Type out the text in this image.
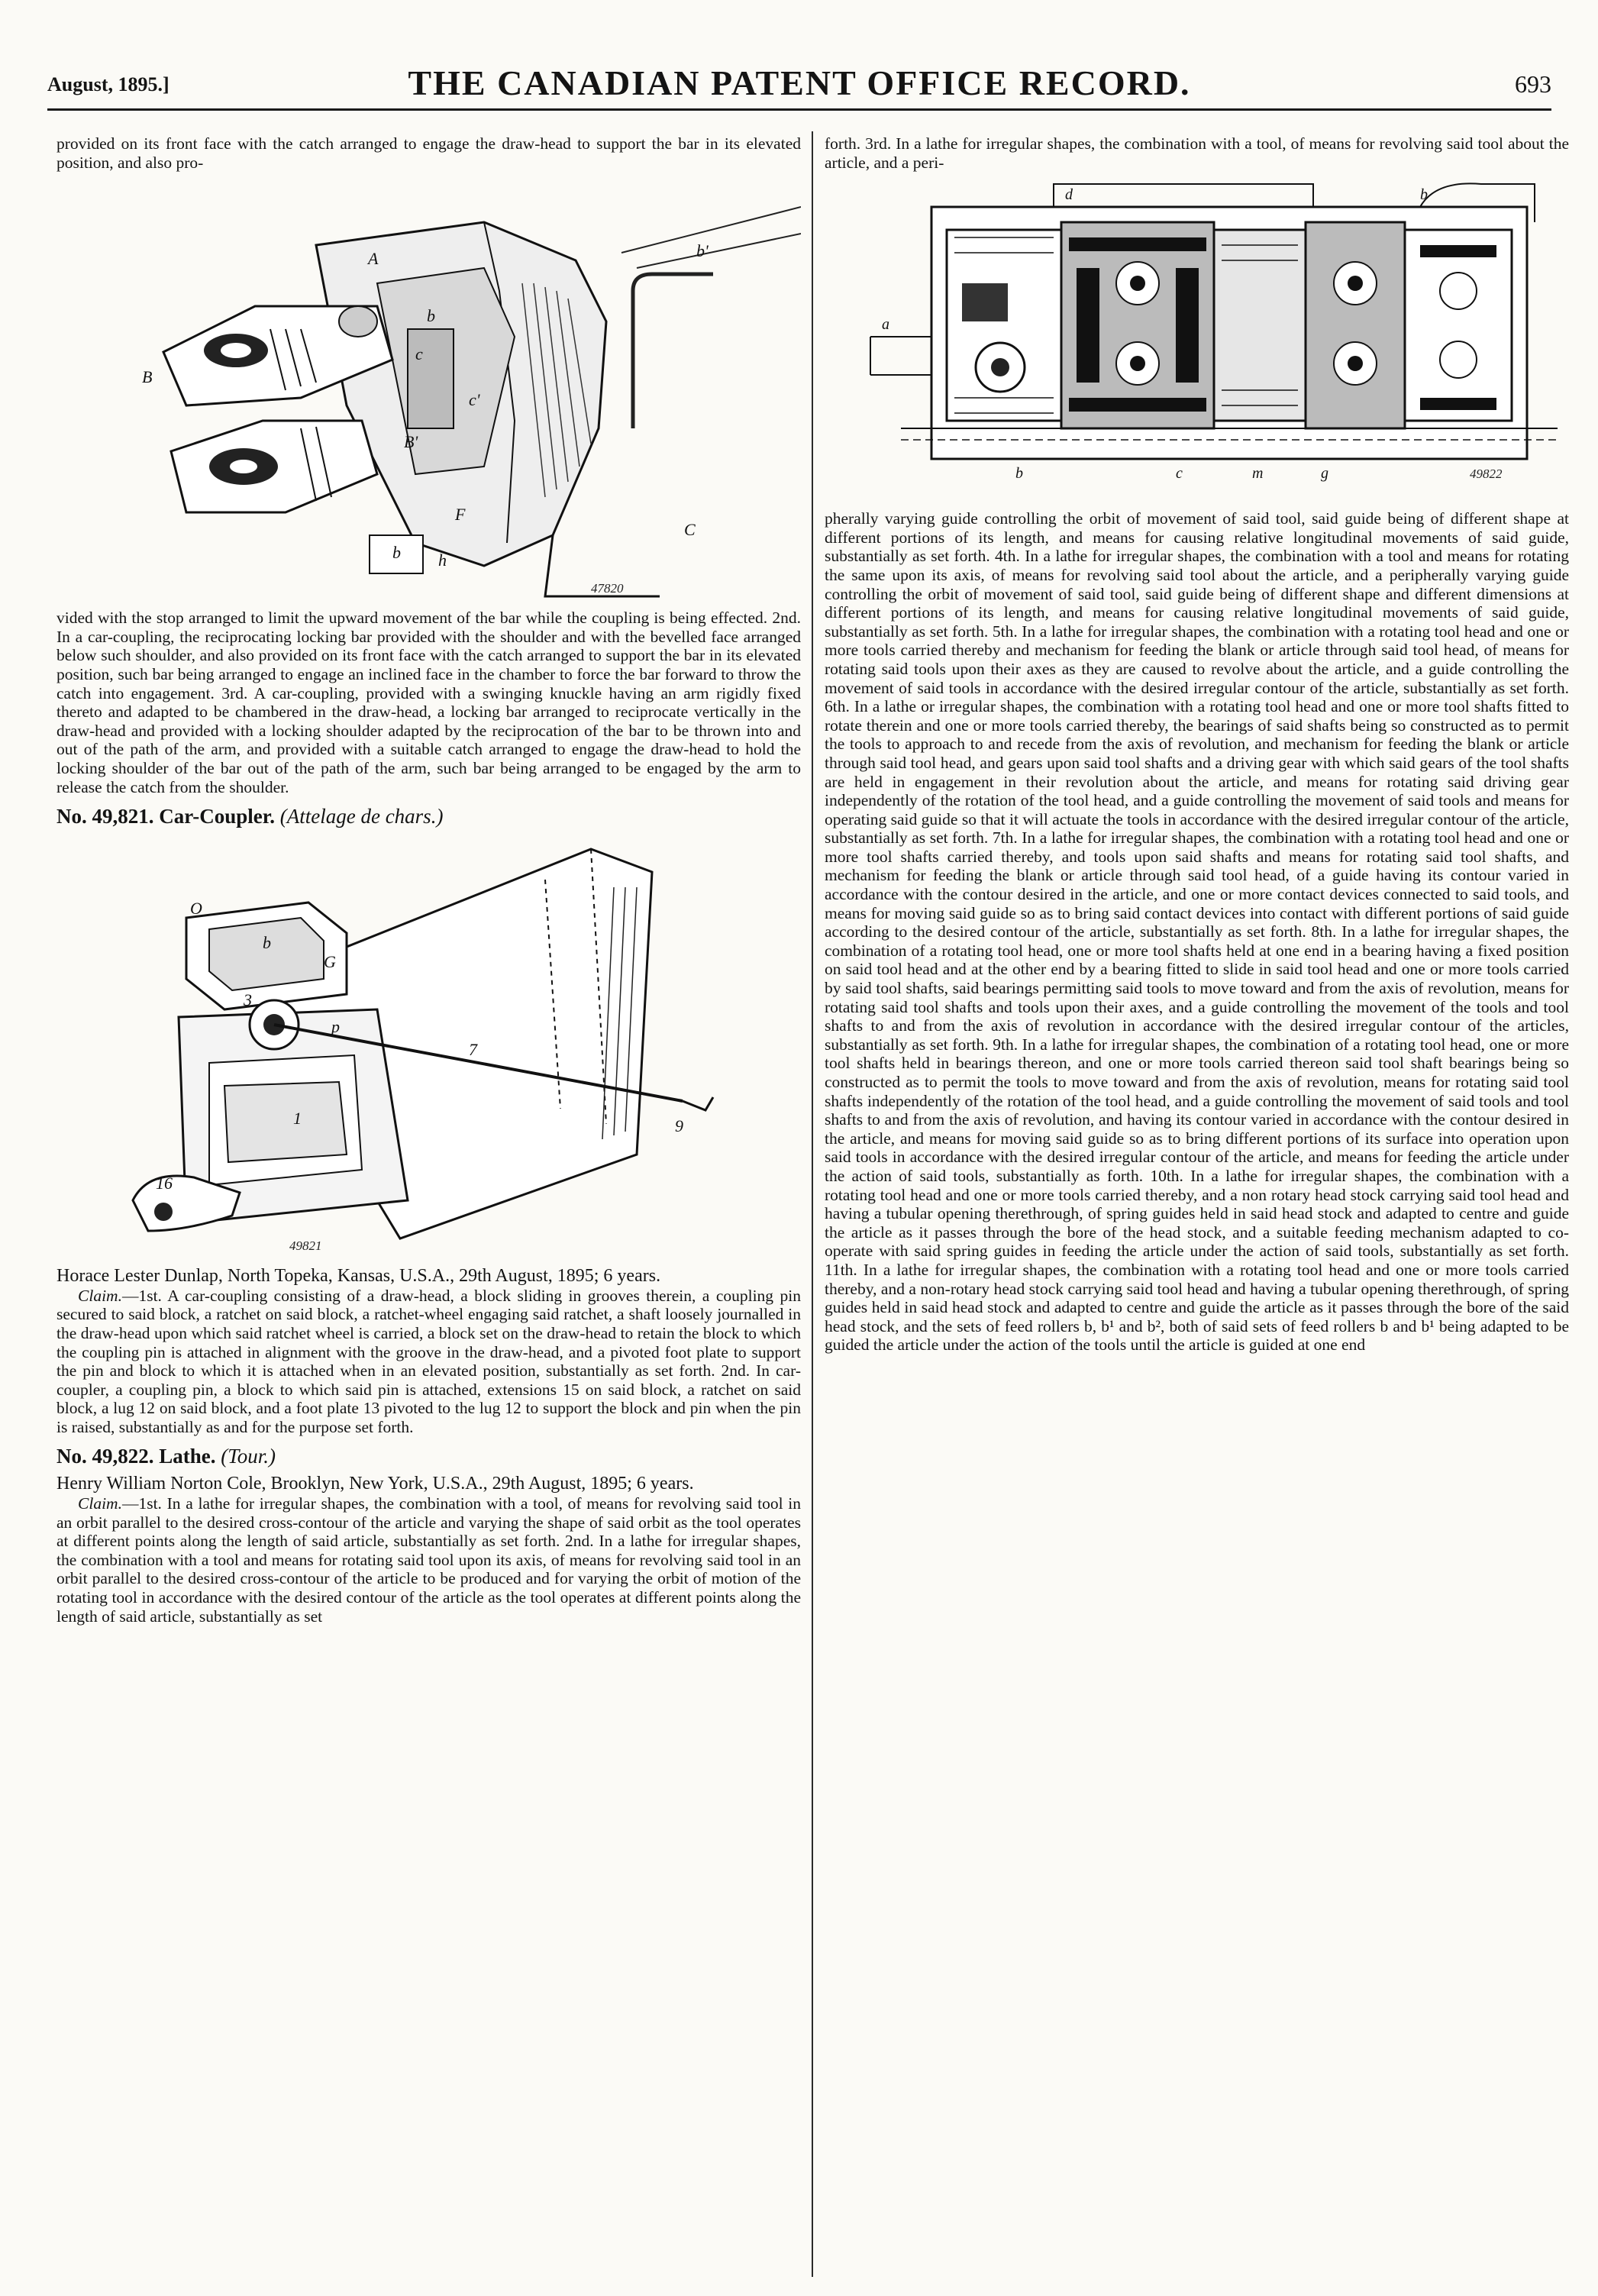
August, 1895.]	THE CANADIAN PATENT OFFICE RECORD.	693

provided on its front face with the catch arranged to engage the draw-head to support the bar in its elevated position, and also pro-

A
B
b
c
c'
B'
b'
C
F
b h
47820

vided with the stop arranged to limit the upward movement of the bar while the coupling is being effected. 2nd. In a car-coupling, the reciprocating locking bar provided with the shoulder and with the bevelled face arranged below such shoulder, and also provided on its front face with the catch arranged to support the bar in its elevated position, such bar being arranged to engage an inclined face in the chamber to force the bar forward to throw the catch into engagement. 3rd. A car-coupling, provided with a swinging knuckle having an arm rigidly fixed thereto and adapted to be chambered in the draw-head, a locking bar arranged to reciprocate vertically in the draw-head and provided with a locking shoulder adapted by the reciprocation of the bar to be thrown into and out of the path of the arm, and provided with a suitable catch arranged to engage the draw-head to hold the locking shoulder of the bar out of the path of the arm, such bar being arranged to be engaged by the arm to release the catch from the shoulder.

No. 49,821. Car-Coupler. (Attelage de chars.)
O
b
G
p
3
7
9
1
16
49821

Horace Lester Dunlap, North Topeka, Kansas, U.S.A., 29th August, 1895; 6 years.

Claim.—1st. A car-coupling consisting of a draw-head, a block sliding in grooves therein, a coupling pin secured to said block, a ratchet on said block, a ratchet-wheel engaging said ratchet, a shaft loosely journalled in the draw-head upon which said ratchet wheel is carried, a block set on the draw-head to retain the block to which the coupling pin is attached in alignment with the groove in the draw-head, and a pivoted foot plate to support the pin and block to which it is attached when in an elevated position, substantially as set forth. 2nd. In car-coupler, a coupling pin, a block to which said pin is attached, extensions 15 on said block, a ratchet on said block, a lug 12 on said block, and a foot plate 13 pivoted to the lug 12 to support the block and pin when the pin is raised, substantially as and for the purpose set forth.

No. 49,822. Lathe. (Tour.)

Henry William Norton Cole, Brooklyn, New York, U.S.A., 29th August, 1895; 6 years.

Claim.—1st. In a lathe for irregular shapes, the combination with a tool, of means for revolving said tool in an orbit parallel to the desired cross-contour of the article and varying the shape of said orbit as the tool operates at different points along the length of said article, substantially as set forth. 2nd. In a lathe for irregular shapes, the combination with a tool and means for rotating said tool upon its axis, of means for revolving said tool in an orbit parallel to the desired cross-contour of the article to be produced and for varying the orbit of motion of the rotating tool in accordance with the desired contour of the article as the tool operates at different points along the length of said article, substantially as set

forth. 3rd. In a lathe for irregular shapes, the combination with a tool, of means for revolving said tool about the article, and a peri-

d	b
a
b	c	m	g	49822

pherally varying guide controlling the orbit of movement of said tool, said guide being of different shape at different portions of its length, and means for causing relative longitudinal movements of said guide, substantially as set forth. 4th. In a lathe for irregular shapes, the combination with a tool and means for rotating the same upon its axis, of means for revolving said tool about the article, and a peripherally varying guide controlling the orbit of movement of said tool, said guide being of different shape and different dimensions at different portions of its length, and means for causing relative longitudinal movements of said guide, substantially as set forth. 5th. In a lathe for irregular shapes, the combination with a rotating tool head and one or more tools carried thereby and mechanism for feeding the blank or article through said tool head, of means for rotating said tools upon their axes as they are caused to revolve about the article, and a guide controlling the movement of said tools in accordance with the desired irregular contour of the article, substantially as set forth. 6th. In a lathe or irregular shapes, the combination with a rotating tool head and one or more tool shafts fitted to rotate therein and one or more tools carried thereby, the bearings of said shafts being so constructed as to permit the tools to approach to and recede from the axis of revolution, and mechanism for feeding the blank or article through said tool head, and gears upon said tool shafts and a driving gear with which said gears of the tool shafts are held in engagement in their revolution about the article, and means for rotating said driving gear independently of the rotation of the tool head, and a guide controlling the movement of said tools and means for operating said guide so that it will actuate the tools in accordance with the desired irregular contour of the article, substantially as set forth. 7th. In a lathe for irregular shapes, the combination with a rotating tool head and one or more tool shafts carried thereby, and tools upon said shafts and means for rotating said tool shafts, and mechanism for feeding the blank or article through said tool head, of a guide having its contour varied in accordance with the contour desired in the article, and one or more contact devices connected to said tools, and means for moving said guide so as to bring said contact devices into contact with different portions of said guide according to the desired contour of the article, substantially as set forth. 8th. In a lathe for irregular shapes, the combination of a rotating tool head, one or more tool shafts held at one end in a bearing having a fixed position on said tool head and at the other end by a bearing fitted to slide in said tool head and one or more tools carried by said tool shafts, said bearings permitting said tools to move toward and from the axis of revolution, means for rotating said tool shafts and tools upon their axes, and a guide controlling the movement of the tools and tool shafts to and from the axis of revolution in accordance with the desired irregular contour of the articles, substantially as set forth. 9th. In a lathe for irregular shapes, the combination of a rotating tool head, one or more tool shafts held in bearings thereon, and one or more tools carried thereon said tool shaft bearings being so constructed as to permit the tools to move toward and from the axis of revolution, means for rotating said tool shafts independently of the rotation of the tool head, and a guide controlling the movement of said tools and tool shafts to and from the axis of revolution, and having its contour varied in accordance with the contour desired in the article, and means for moving said guide so as to bring different portions of its surface into operation upon said tools in accordance with the desired irregular contour of the article, and means for feeding the article under the action of said tools, substantially as forth. 10th. In a lathe for irregular shapes, the combination with a rotating tool head and one or more tools carried thereby, and a non rotary head stock carrying said tool head and having a tubular opening therethrough, of spring guides held in said head stock and adapted to centre and guide the article as it passes through the bore of the head stock, and a suitable feeding mechanism adapted to co-operate with said spring guides in feeding the article under the action of said tools, substantially as set forth. 11th. In a lathe for irregular shapes, the combination with a rotating tool head and one or more tools carried thereby, and a non-rotary head stock carrying said tool head and having a tubular opening therethrough, of spring guides held in said head stock and adapted to centre and guide the article as it passes through the bore of the said head stock, and the sets of feed rollers b, b¹ and b², both of said sets of feed rollers b and b¹ being adapted to be guided the article under the action of the tools until the article is guided at one end
